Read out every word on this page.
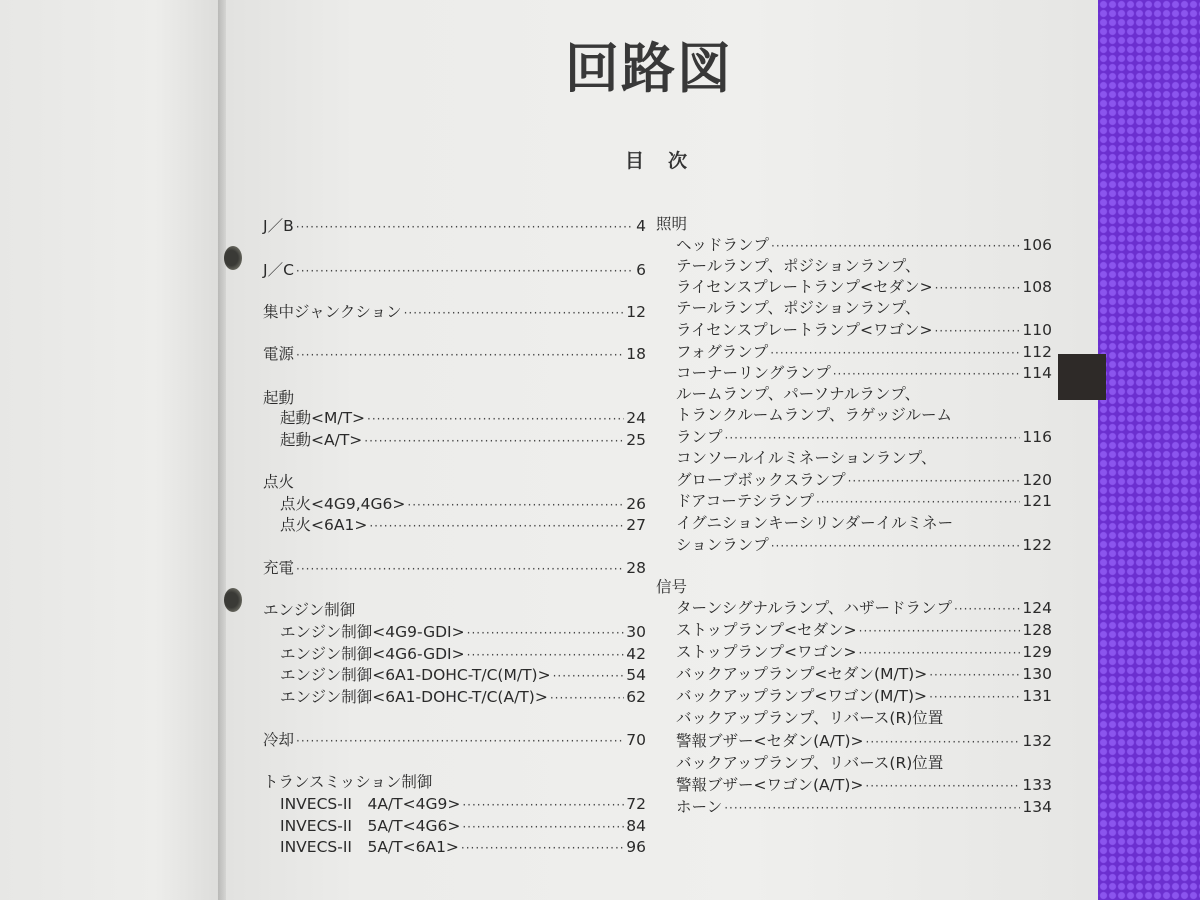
回路図
目次
J／B ·····	4
J／C ·····	6
集中ジャンクション ·····	12
電源 ·····	18
起動
起動<M/T> ·····	24
起動<A/T> ·····	25
点火
点火<4G9,4G6> ·····	26
点火<6A1> ·····	27
充電 ·····	28
エンジン制御
エンジン制御<4G9-GDI> ·····	30
エンジン制御<4G6-GDI> ·····	42
エンジン制御<6A1-DOHC-T/C(M/T)> ·····	54
エンジン制御<6A1-DOHC-T/C(A/T)> ·····	62
冷却 ·····	70
トランスミッション制御
INVECS-II　4A/T<4G9> ·····	72
INVECS-II　5A/T<4G6> ·····	84
INVECS-II　5A/T<6A1> ·····	96
照明
ヘッドランプ ·····	106
テールランプ、ポジションランプ、
ライセンスプレートランプ<セダン> ·····	108
テールランプ、ポジションランプ、
ライセンスプレートランプ<ワゴン> ·····	110
フォグランプ ·····	112
コーナーリングランプ ·····	114
ルームランプ、パーソナルランプ、
トランクルームランプ、ラゲッジルーム
ランプ ·····	116
コンソールイルミネーションランプ、
グローブボックスランプ ·····	120
ドアコーテシランプ ·····	121
イグニションキーシリンダーイルミネー
ションランプ ·····	122
信号
ターンシグナルランプ、ハザードランプ ·····	124
ストップランプ<セダン> ·····	128
ストップランプ<ワゴン> ·····	129
バックアップランプ<セダン(M/T)> ·····	130
バックアップランプ<ワゴン(M/T)> ·····	131
バックアップランプ、リバース(R)位置
警報ブザー<セダン(A/T)> ·····	132
バックアップランプ、リバース(R)位置
警報ブザー<ワゴン(A/T)> ·····	133
ホーン ·····	134
